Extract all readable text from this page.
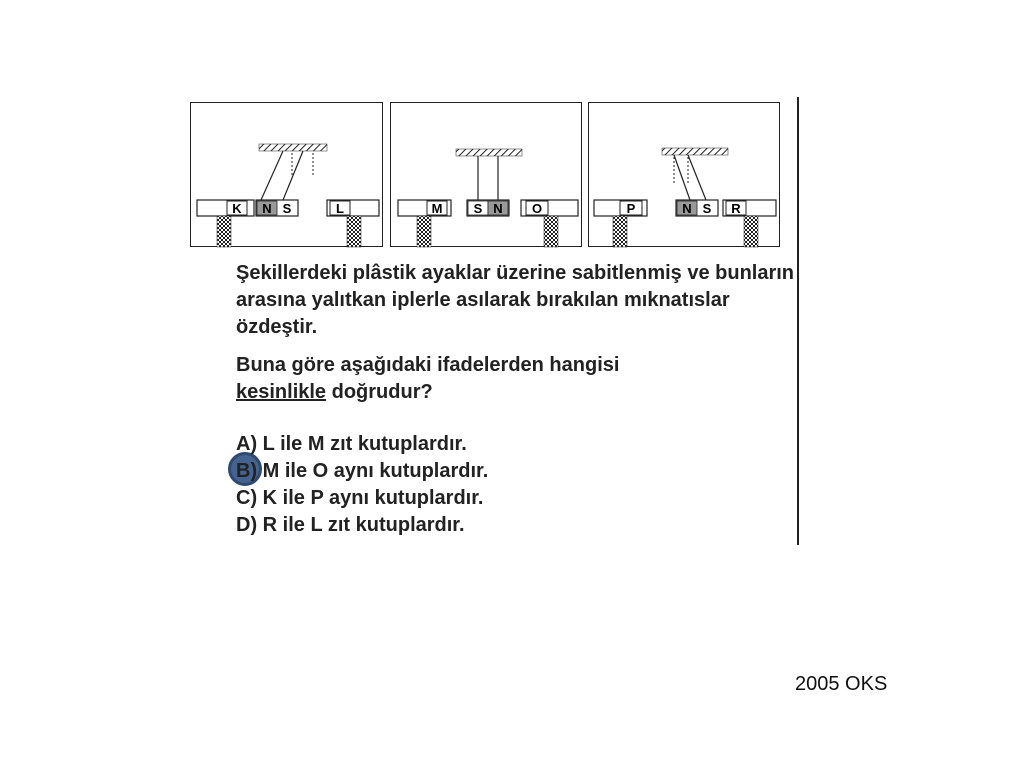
K N S	L	M S N O	P	N S R

Şekillerdeki plâstik ayaklar üzerine sabitlenmiş ve bunların arasına yalıtkan iplerle asılarak bırakılan mıknatıslar özdeştir.

Buna göre aşağıdaki ifadelerden hangisi
kesinlikle doğrudur?

A) L ile M zıt kutuplardır.
B) M ile O aynı kutuplardır.
C) K ile P aynı kutuplardır.
D) R ile L zıt kutuplardır.
2005 OKS
